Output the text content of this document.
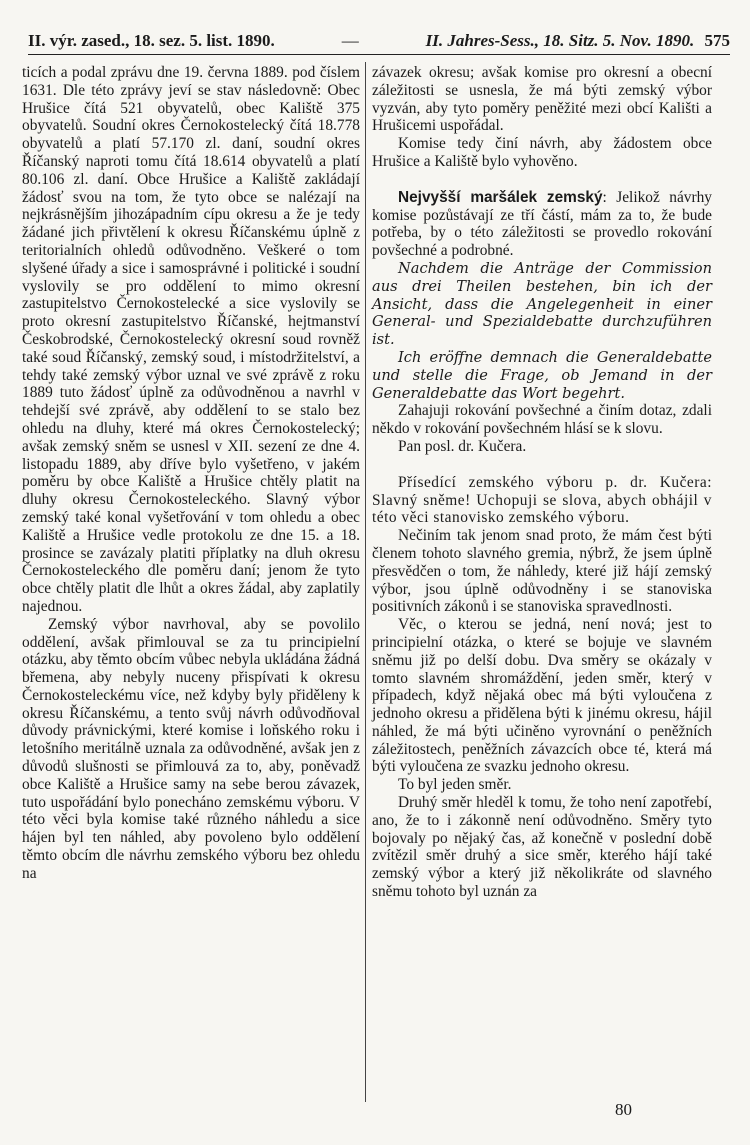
II. výr. zased., 18. sez. 5. list. 1890.	—	II. Jahres-Sess., 18. Sitz. 5. Nov. 1890. 575

ticích a podal zprávu dne 19. června 1889. pod číslem 1631. Dle této zprávy jeví se stav následovně: Obec Hrušice čítá 521 obyvatelů, obec Kaliště 375 obyvatelů. Soudní okres Černokostelecký čítá 18.778 obyvatelů a platí 57.170 zl. daní, soudní okres Říčanský naproti tomu čítá 18.614 obyvatelů a platí 80.106 zl. daní. Obce Hrušice a Kaliště zakládají žádosť svou na tom, že tyto obce se nalézají na nejkrásnějším jihozápadním cípu okresu a že je tedy žádané jich přivtělení k okresu Říčanskému úplně z teritorialních ohledů odůvodněno. Veškeré o tom slyšené úřady a sice i samosprávné i politické i soudní vyslovily se pro oddělení to mimo okresní zastupitelstvo Černokostelecké a sice vyslovily se proto okresní zastupitelstvo Říčanské, hejtmanství Českobrodské, Černokostelecký okresní soud rovněž také soud Říčanský, zemský soud, i místodržitelství, a tehdy také zemský výbor uznal ve své zprávě z roku 1889 tuto žádosť úplně za odůvodněnou a navrhl v tehdejší své zprávě, aby oddělení to se stalo bez ohledu na dluhy, které má okres Černokostelecký; avšak zemský sněm se usnesl v XII. sezení ze dne 4. listopadu 1889, aby dříve bylo vyšetřeno, v jakém poměru by obce Kaliště a Hrušice chtěly platit na dluhy okresu Černokosteleckého. Slavný výbor zemský také konal vyšetřování v tom ohledu a obec Kaliště a Hrušice vedle protokolu ze dne 15. a 18. prosince se zavázaly platiti příplatky na dluh okresu Černokosteleckého dle poměru daní; jenom že tyto obce chtěly platit dle lhůt a okres žádal, aby zaplatily najednou.

Zemský výbor navrhoval, aby se povolilo oddělení, avšak přimlouval se za tu principielní otázku, aby těmto obcím vůbec nebyla ukládána žádná břemena, aby nebyly nuceny přispívati k okresu Černokosteleckému více, než kdyby byly přiděleny k okresu Říčanskému, a tento svůj návrh odůvodňoval důvody právnickými, které komise i loňského roku i letošního meritálně uznala za odůvodněné, avšak jen z důvodů slušnosti se přimlouvá za to, aby, poněvadž obce Kaliště a Hrušice samy na sebe berou závazek, tuto uspořádání bylo ponecháno zemskému výboru. V této věci byla komise také různého náhledu a sice hájen byl ten náhled, aby povoleno bylo oddělení těmto obcím dle návrhu zemského výboru bez ohledu na

závazek okresu; avšak komise pro okresní a obecní záležitosti se usnesla, že má býti zemský výbor vyzván, aby tyto poměry peněžité mezi obcí Kališti a Hrušicemi uspořádal.

Komise tedy činí návrh, aby žádostem obce Hrušice a Kaliště bylo vyhověno.

Nejvyšší maršálek zemský: Jelikož návrhy komise pozůstávají ze tří částí, mám za to, že bude potřeba, by o této záležitosti se provedlo rokování povšechné a podrobné.

Nachdem die Anträge der Commission aus drei Theilen bestehen, bin ich der Ansicht, dass die Angelegenheit in einer General- und Spezialdebatte durchzuführen ist.

Ich eröffne demnach die Generaldebatte und stelle die Frage, ob Jemand in der Generaldebatte das Wort begehrt.

Zahajuji rokování povšechné a činím dotaz, zdali někdo v rokování povšechném hlásí se k slovu.

Pan posl. dr. Kučera.

Přísedící zemského výboru p. dr. Kučera: Slavný sněme! Uchopuji se slova, abych obhájil v této věci stanovisko zemského výboru.

Nečiním tak jenom snad proto, že mám čest býti členem tohoto slavného gremia, nýbrž, že jsem úplně přesvědčen o tom, že náhledy, které již hájí zemský výbor, jsou úplně odůvodněny i se stanoviska positivních zákonů i se stanoviska spravedlnosti.

Věc, o kterou se jedná, není nová; jest to principielní otázka, o které se bojuje ve slavném sněmu již po delší dobu. Dva směry se okázaly v tomto slavném shromáždění, jeden směr, který v případech, když nějaká obec má býti vyloučena z jednoho okresu a přidělena býti k jinému okresu, hájil náhled, že má býti učiněno vyrovnání o peněžních záležitostech, peněžních závazcích obce té, která má býti vyloučena ze svazku jednoho okresu.

To byl jeden směr.

Druhý směr hleděl k tomu, že toho není zapotřebí, ano, že to i zákonně není odůvodněno. Směry tyto bojovaly po nějaký čas, až konečně v poslední době zvítězil směr druhý a sice směr, kterého hájí také zemský výbor a který již několikráte od slavného sněmu tohoto byl uznán za

80
